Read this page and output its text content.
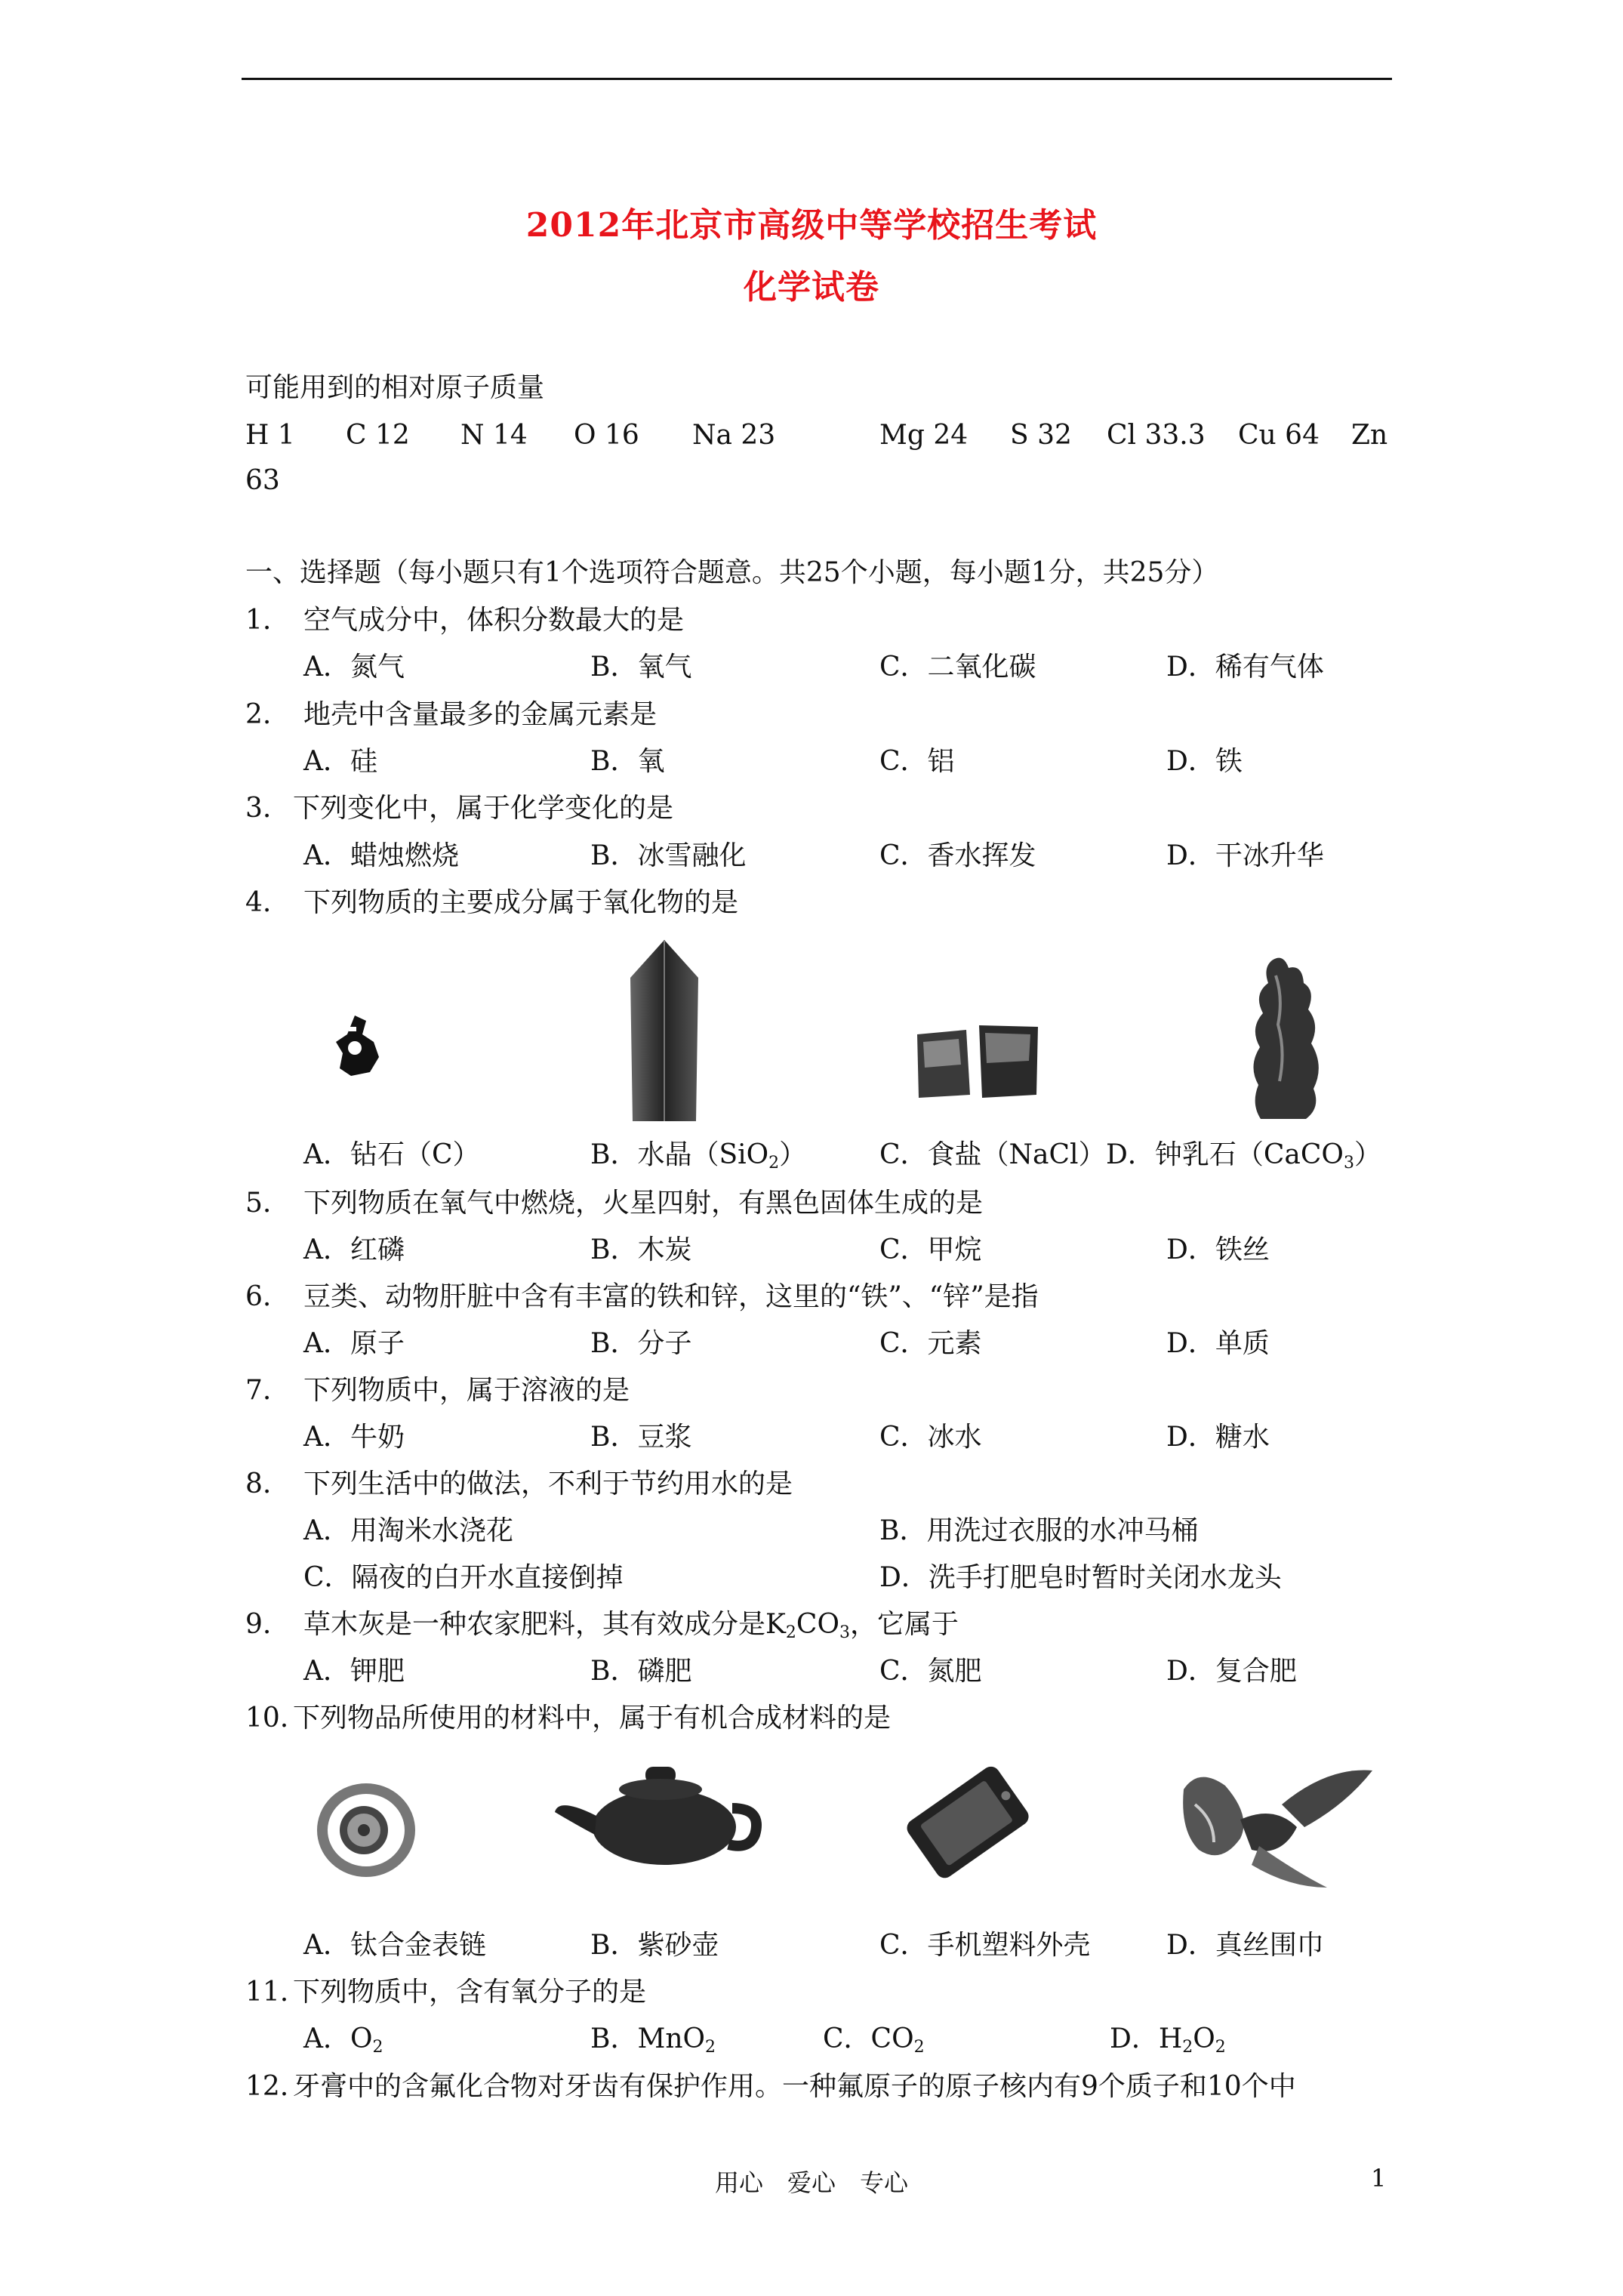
2012年北京市高级中等学校招生考试
化学试卷
可能用到的相对原子质量
H 1 C 12 N 14 O 16 Na 23	Mg 24 S 32 Cl 33.3 Cu 64 Zn
63
一、选择题（每小题只有1个选项符合题意。共25个小题，每小题1分，共25分）
1. 空气成分中，体积分数最大的是
A．氮气	B．氧气	C．二氧化碳	D．稀有气体
2. 地壳中含量最多的金属元素是
A．硅	B．氧	C．铝	D．铁
3. 下列变化中，属于化学变化的是
A．蜡烛燃烧	B．冰雪融化	C．香水挥发	D．干冰升华
4. 下列物质的主要成分属于氧化物的是
A．钻石（C）	B．水晶（SiO$_2$）	C．食盐（NaCl） D．钟乳石（CaCO$_3$）
5. 下列物质在氧气中燃烧，火星四射，有黑色固体生成的是
A．红磷	B．木炭	C．甲烷	D．铁丝
6. 豆类、动物肝脏中含有丰富的铁和锌，这里的“铁”、“锌”是指
A．原子	B．分子	C．元素	D．单质
7. 下列物质中，属于溶液的是
A．牛奶	B．豆浆	C．冰水	D．糖水
8. 下列生活中的做法，不利于节约用水的是
A．用淘米水浇花	B．用洗过衣服的水冲马桶
C．隔夜的白开水直接倒掉	D．洗手打肥皂时暂时关闭水龙头
9. 草木灰是一种农家肥料，其有效成分是$K_2CO_3$，它属于
A．钾肥	B．磷肥	C．氮肥	D．复合肥
10. 下列物品所使用的材料中，属于有机合成材料的是
A．钛合金表链	B．紫砂壶	C．手机塑料外壳	D．真丝围巾
11. 下列物质中，含有氧分子的是
A．$O_2$	B．MnO$_2$	C．$CO_2$	D．$H_2O_2$
12. 牙膏中的含氟化合物对牙齿有保护作用。一种氟原子的原子核内有9个质子和10个中
用心　爱心　专心	1
